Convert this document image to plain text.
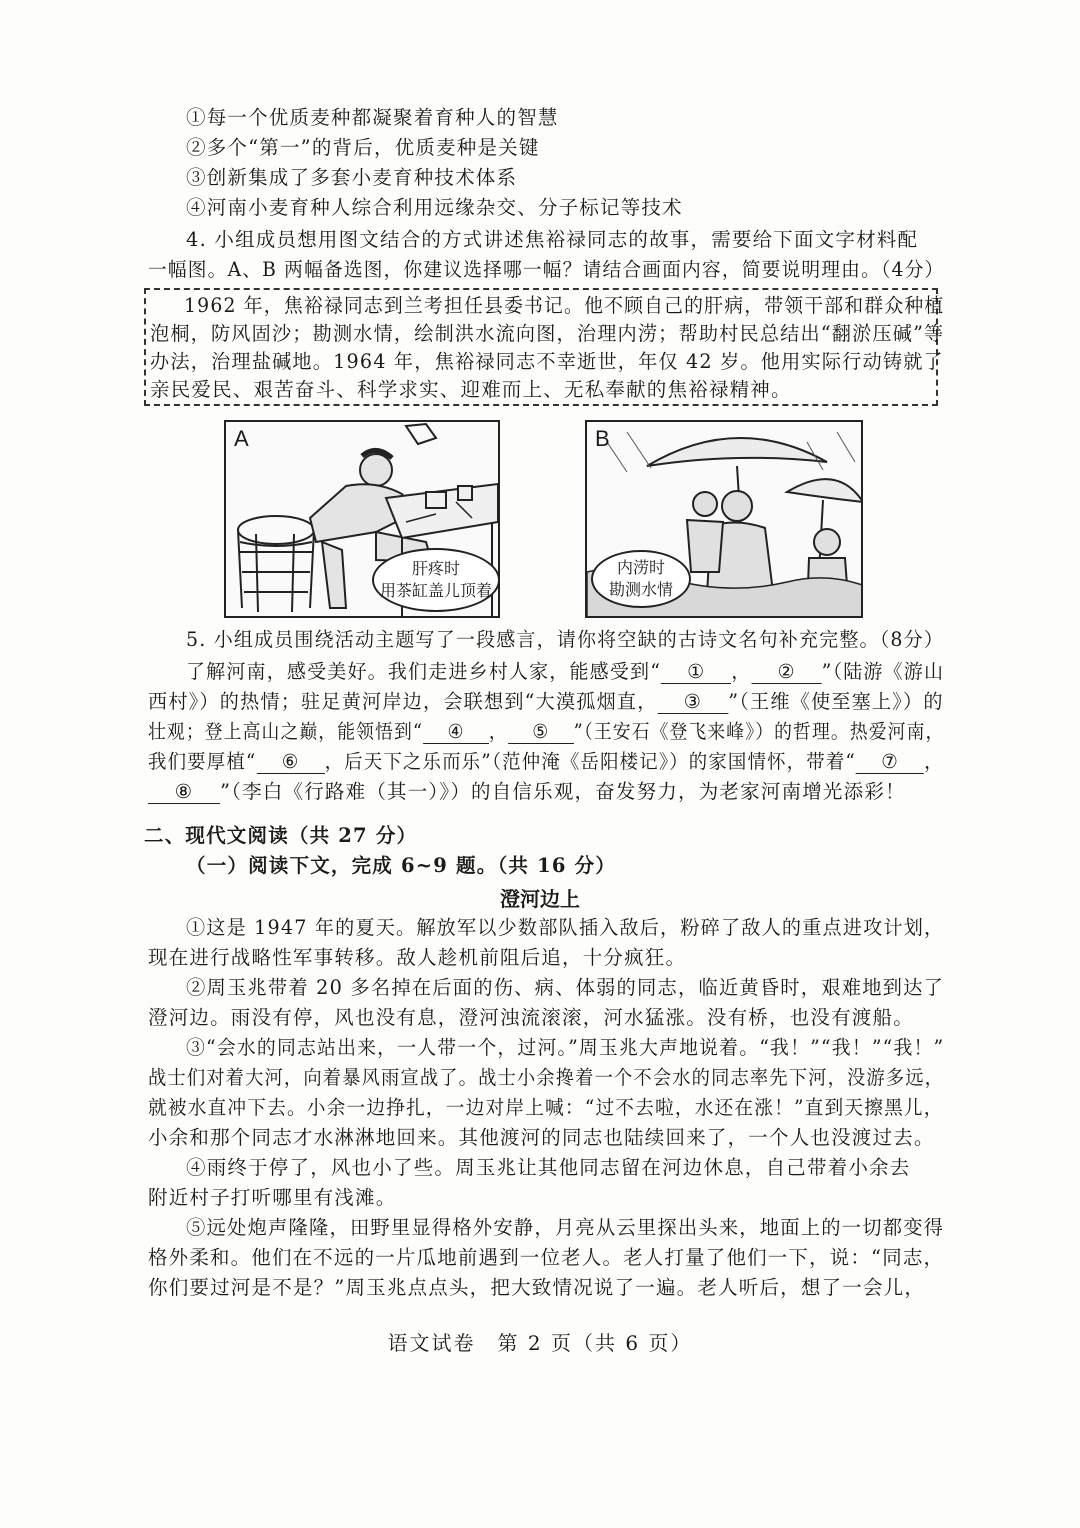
①每一个优质麦种都凝聚着育种人的智慧
②多个“第一”的背后，优质麦种是关键
③创新集成了多套小麦育种技术体系
④河南小麦育种人综合利用远缘杂交、分子标记等技术
4. 小组成员想用图文结合的方式讲述焦裕禄同志的故事，需要给下面文字材料配
一幅图。A、B 两幅备选图，你建议选择哪一幅？请结合画面内容，简要说明理由。（4分）
1962 年，焦裕禄同志到兰考担任县委书记。他不顾自己的肝病，带领干部和群众种植
泡桐，防风固沙；勘测水情，绘制洪水流向图，治理内涝；帮助村民总结出“翻淤压碱”等
办法，治理盐碱地。1964 年，焦裕禄同志不幸逝世，年仅 42 岁。他用实际行动铸就了
亲民爱民、艰苦奋斗、科学求实、迎难而上、无私奉献的焦裕禄精神。
A
肝疼时
用茶缸盖儿顶着
B
内涝时
勘测水情
5. 小组成员围绕活动主题写了一段感言，请你将空缺的古诗文名句补充完整。（8分）
了解河南，感受美好。我们走进乡村人家，能感受到“ ① ， ② ”（陆游《游山
西村》）的热情；驻足黄河岸边，会联想到“大漠孤烟直， ③ ”（王维《使至塞上》）的
壮观；登上高山之巅，能领悟到“ ④ ， ⑤ ”（王安石《登飞来峰》）的哲理。热爱河南，
我们要厚植“ ⑥ ，后天下之乐而乐”（范仲淹《岳阳楼记》）的家国情怀，带着“ ⑦ ，
⑧ ”（李白《行路难（其一）》）的自信乐观，奋发努力，为老家河南增光添彩！
二、现代文阅读（共 27 分）
（一）阅读下文，完成 6~9 题。（共 16 分）
澄河边上
①这是 1947 年的夏天。解放军以少数部队插入敌后，粉碎了敌人的重点进攻计划，
现在进行战略性军事转移。敌人趁机前阻后追，十分疯狂。
②周玉兆带着 20 多名掉在后面的伤、病、体弱的同志，临近黄昏时，艰难地到达了
澄河边。雨没有停，风也没有息，澄河浊流滚滚，河水猛涨。没有桥，也没有渡船。
③“会水的同志站出来，一人带一个，过河。”周玉兆大声地说着。“我！”“我！”“我！”
战士们对着大河，向着暴风雨宣战了。战士小余搀着一个不会水的同志率先下河，没游多远，
就被水直冲下去。小余一边挣扎，一边对岸上喊：“过不去啦，水还在涨！”直到天擦黑儿，
小余和那个同志才水淋淋地回来。其他渡河的同志也陆续回来了，一个人也没渡过去。
④雨终于停了，风也小了些。周玉兆让其他同志留在河边休息，自己带着小余去
附近村子打听哪里有浅滩。
⑤远处炮声隆隆，田野里显得格外安静，月亮从云里探出头来，地面上的一切都变得
格外柔和。他们在不远的一片瓜地前遇到一位老人。老人打量了他们一下，说：“同志，
你们要过河是不是？”周玉兆点点头，把大致情况说了一遍。老人听后，想了一会儿，
语文试卷　第 2 页（共 6 页）
